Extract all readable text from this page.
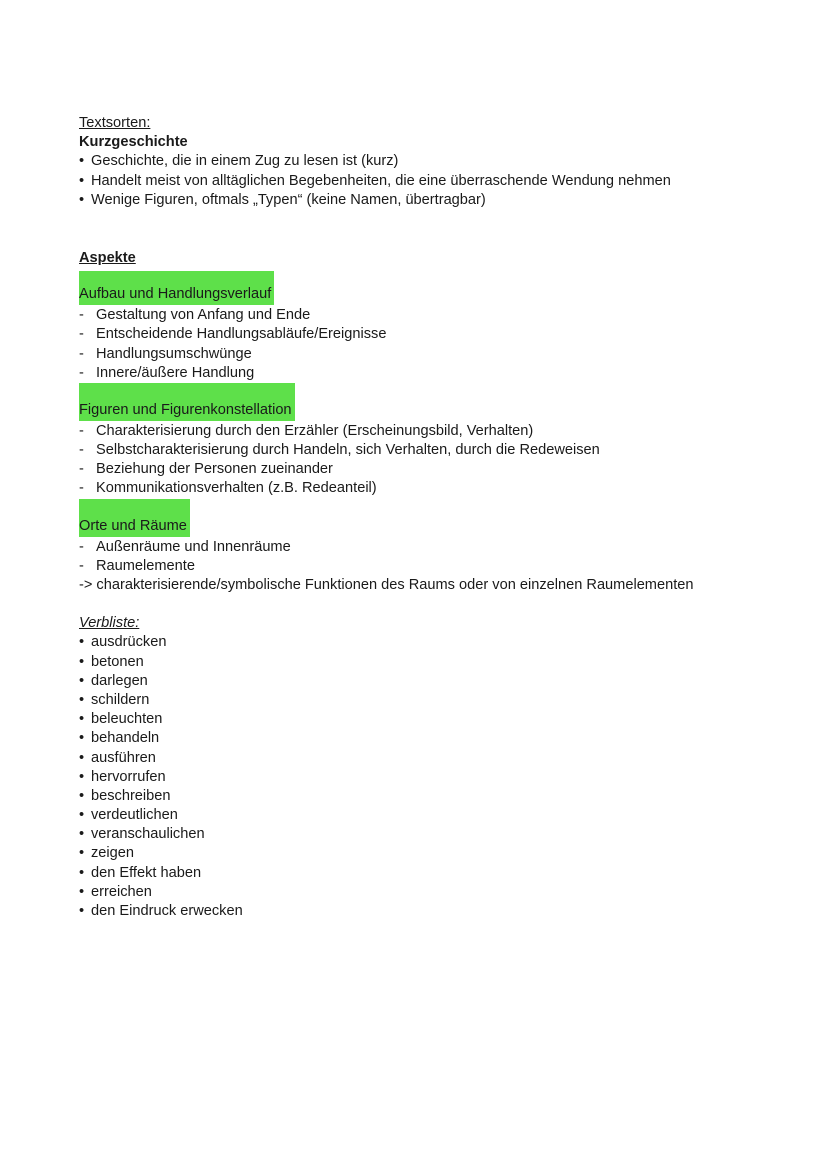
Textsorten:
Kurzgeschichte
• Geschichte, die in einem Zug zu lesen ist (kurz)
• Handelt meist von alltäglichen Begebenheiten, die eine überraschende Wendung nehmen
• Wenige Figuren, oftmals „Typen“ (keine Namen, übertragbar)
Aspekte
Aufbau und Handlungsverlauf
- Gestaltung von Anfang und Ende
- Entscheidende Handlungsabläufe/Ereignisse
- Handlungsumschwünge
- Innere/äußere Handlung
Figuren und Figurenkonstellation
- Charakterisierung durch den Erzähler (Erscheinungsbild, Verhalten)
- Selbstcharakterisierung durch Handeln, sich Verhalten, durch die Redeweisen
- Beziehung der Personen zueinander
- Kommunikationsverhalten (z.B. Redeanteil)
Orte und Räume
- Außenräume und Innenräume
- Raumelemente
-> charakterisierende/symbolische Funktionen des Raums oder von einzelnen Raumelementen
Verbliste:
• ausdrücken
• betonen
• darlegen
• schildern
• beleuchten
• behandeln
• ausführen
• hervorrufen
• beschreiben
• verdeutlichen
• veranschaulichen
• zeigen
• den Effekt haben
• erreichen
• den Eindruck erwecken
